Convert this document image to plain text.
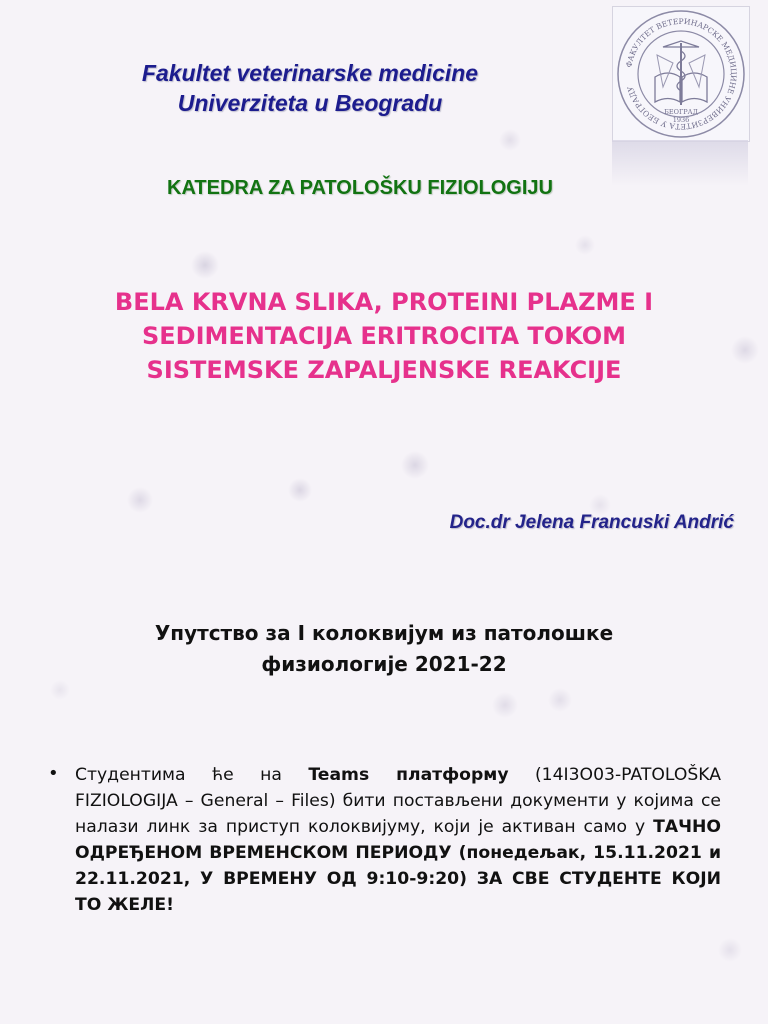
Fakultet veterinarske medicine
Univerziteta u Beogradu
ФАКУЛТЕТ ВЕТЕРИНАРСКЕ МЕДИЦИНЕ УНИВЕРЗИТЕТА У БЕОГРАДУ
БЕОГРАД
1936
KATEDRA ZA PATOLOŠKU FIZIOLOGIJU
BELA KRVNA SLIKA, PROTEINI PLAZME I
SEDIMENTACIJA ERITROCITA TOKOM
SISTEMSKE ZAPALJENSKE REAKCIJE
Doc.dr Jelena Francuski Andrić
Упутство за I колоквијум из патолошке
физиологије 2021-22
• Студентима ће на Teams платформу (14I3O03-PATOLOŠKA FIZIOLOGIJA – General – Files) бити постављени документи у којима се налази линк за приступ колоквијуму, који је активан само у ТАЧНО ОДРЕЂЕНОМ ВРЕМЕНСКОМ ПЕРИОДУ (понедељак, 15.11.2021 и 22.11.2021, У ВРЕМЕНУ ОД 9:10-9:20) ЗА СВЕ СТУДЕНТЕ КОЈИ ТО ЖЕЛЕ!
